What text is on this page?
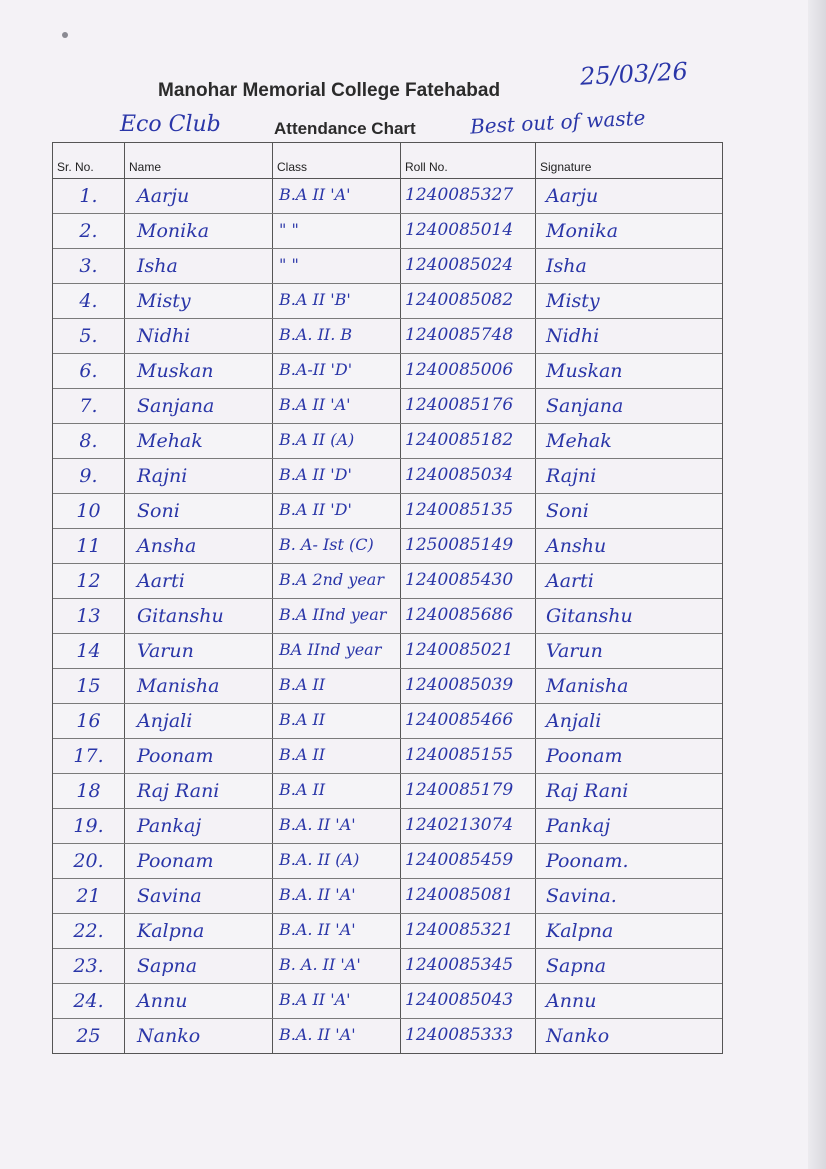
Manohar Memorial College Fatehabad	25/03/26
Eco Club	Attendance Chart	Best out of waste
Sr. No.	Name	Class	Roll No.	Signature
1.	Aarju	B.A II 'A'	1240085327	Aarju
2.	Monika	" "	1240085014	Monika
3.	Isha	" "	1240085024	Isha
4.	Misty	B.A II 'B'	1240085082	Misty
5.	Nidhi	B.A. II. B	1240085748	Nidhi
6.	Muskan	B.A-II 'D'	1240085006	Muskan
7.	Sanjana	B.A II 'A'	1240085176	Sanjana
8.	Mehak	B.A II (A)	1240085182	Mehak
9.	Rajni	B.A II 'D'	1240085034	Rajni
10	Soni	B.A II 'D'	1240085135	Soni
11	Ansha	B. A- Ist (C)	1250085149	Anshu
12	Aarti	B.A 2nd year	1240085430	Aarti
13	Gitanshu	B.A IInd year	1240085686	Gitanshu
14	Varun	BA IInd year	1240085021	Varun
15	Manisha	B.A II	1240085039	Manisha
16	Anjali	B.A II	1240085466	Anjali
17.	Poonam	B.A II	1240085155	Poonam
18	Raj Rani	B.A II	1240085179	Raj Rani
19.	Pankaj	B.A. II 'A'	1240213074	Pankaj
20.	Poonam	B.A. II (A)	1240085459	Poonam.
21	Savina	B.A. II 'A'	1240085081	Savina.
22.	Kalpna	B.A. II 'A'	1240085321	Kalpna
23.	Sapna	B. A. II 'A'	1240085345	Sapna
24.	Annu	B.A II 'A'	1240085043	Annu
25	Nanko	B.A. II 'A'	1240085333	Nanko
